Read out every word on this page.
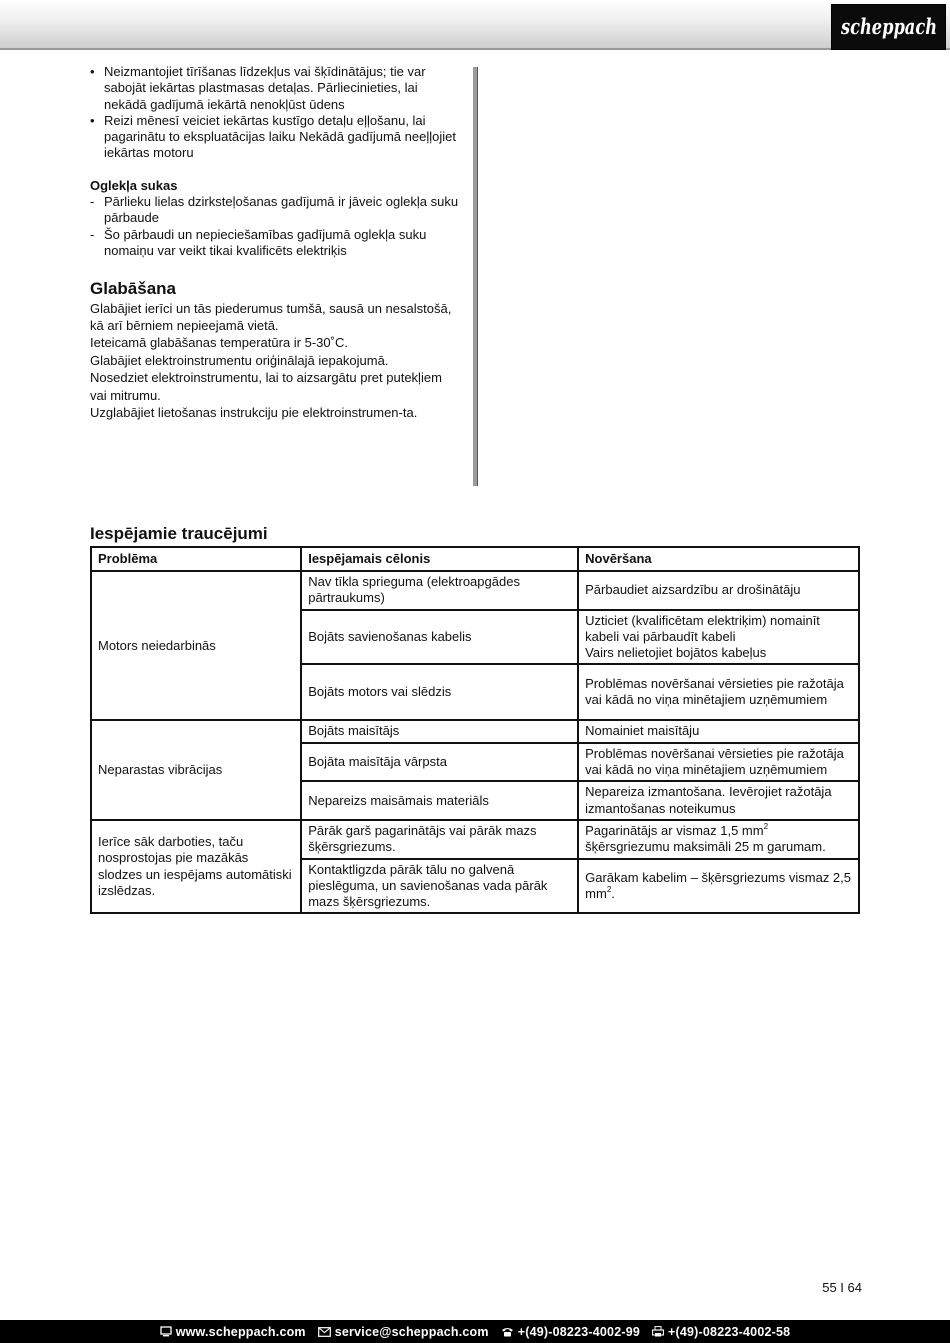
scheppach
• Neizmantojiet tīrīšanas līdzekļus vai šķīdinātājus; tie var sabojāt iekārtas plastmasas detaļas. Pārliecinieties, lai nekādā gadījumā iekārtā nenokļūst ūdens
• Reizi mēnesī veiciet iekārtas kustīgo detaļu eļļošanu, lai pagarinātu to ekspluatācijas laiku Nekādā gadījumā neeļļojiet iekārtas motoru
Oglekļa sukas
- Pārlieku lielas dzirksteļošanas gadījumā ir jāveic oglekļa suku pārbaude
- Šo pārbaudi un nepieciešamības gadījumā oglekļa suku nomaiņu var veikt tikai kvalificēts elektriķis
Glabāšana
Glabājiet ierīci un tās piederumus tumšā, sausā un nesalstošā, kā arī bērniem nepieejamā vietā.
Ieteicamā glabāšanas temperatūra ir 5-30˚C.
Glabājiet elektroinstrumentu oriģinālajā iepakojumā.
Nosedziet elektroinstrumentu, lai to aizsargātu pret putekļiem vai mitrumu.
Uzglabājiet lietošanas instrukciju pie elektroinstrumen-ta.
Iespējamie traucējumi
Problēma	Iespējamais cēlonis	Novēršana
Motors neiedarbinās	Nav tīkla sprieguma (elektroapgādes pārtraukums)	Pārbaudiet aizsardzību ar drošinātāju
	Bojāts savienošanas kabelis	Uzticiet (kvalificētam elektriķim) nomainīt kabeli vai pārbaudīt kabeli
Vairs nelietojiet bojātos kabeļus
	Bojāts motors vai slēdzis	Problēmas novēršanai vērsieties pie ražotāja vai kādā no viņa minētajiem uzņēmumiem
Neparastas vibrācijas	Bojāts maisītājs	Nomainiet maisītāju
	Bojāta maisītāja vārpsta	Problēmas novēršanai vērsieties pie ražotāja vai kādā no viņa minētajiem uzņēmumiem
	Nepareizs maisāmais materiāls	Nepareiza izmantošana. Ievērojiet ražotāja izmantošanas noteikumus
Ierīce sāk darboties, taču nosprostojas pie mazākās slodzes un iespējams automātiski izslēdzas.	Pārāk garš pagarinātājs vai pārāk mazs šķērsgriezums.	Pagarinātājs ar vismaz 1,5 $mm^2$ šķērsgriezumu maksimāli 25 m garumam.
	Kontaktligzda pārāk tālu no galvenā pieslēguma, un savienošanas vada pārāk mazs šķērsgriezums.	Garākam kabelim – šķērsgriezums vismaz 2,5 $mm^2$.
55 I 64
www.scheppach.com service@scheppach.com +(49)-08223-4002-99 +(49)-08223-4002-58
